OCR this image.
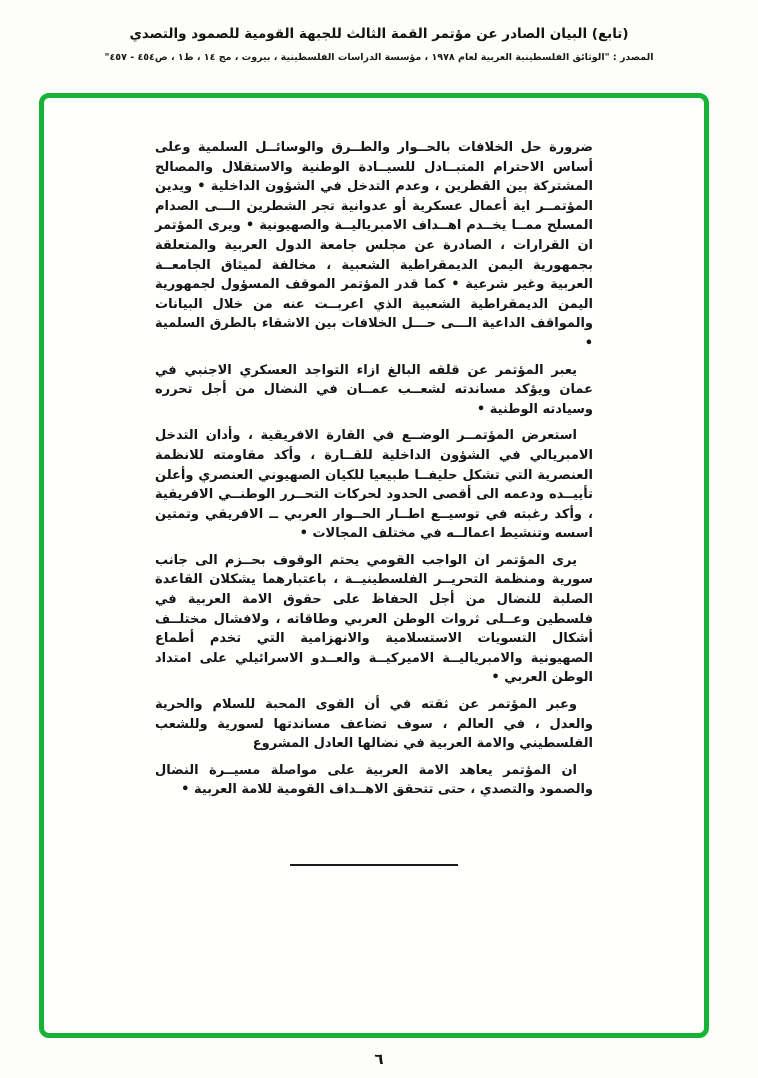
(تابع) البيان الصادر عن مؤتمر القمة الثالث للجبهة القومية للصمود والتصدي
المصدر : "الوثائق الفلسطينية العربية لعام ١٩٧٨ ، مؤسسة الدراسات الفلسطينية ، بيروت ، مج ١٤ ، ط١ ، ص٤٥٤ - ٤٥٧"

ضرورة حل الخلافات بالحــوار والطــرق والوسائــل السلمية وعلى أساس الاحترام المتبــادل للسيــادة الوطنية والاستقلال والمصالح المشتركة بين القطرين ، وعدم التدخل في الشؤون الداخلية • ويدين المؤتمــر اية أعمال عسكرية أو عدوانية تجر الشطرين الـــى الصدام المسلح ممــا يخــدم اهــداف الامبرياليــة والصهيونية • ويرى المؤتمر ان القرارات ، الصادرة عن مجلس جامعة الدول العربية والمتعلقة بجمهورية اليمن الديمقراطية الشعبية ، مخالفة لميثاق الجامعــة العربية وغير شرعية • كما قدر المؤتمر الموقف المسؤول لجمهورية اليمن الديمقراطية الشعبية الذي اعربــت عنه من خلال البيانات والمواقف الداعية الـــى حـــل الخلافات بين الاشقاء بالطرق السلمية •

يعبر المؤتمر عن قلقه البالغ ازاء التواجد العسكري الاجنبي في عمان ويؤكد مساندته لشعــب عمــان في النضال من أجل تحرره وسيادته الوطنية •

استعرض المؤتمــر الوضــع في القارة الافريقية ، وأدان التدخل الامبريالي في الشؤون الداخلية للقــارة ، وأكد مقاومته للانظمة العنصرية التي تشكل حليفــا طبيعيا للكيان الصهيوني العنصري وأعلن تأييــده ودعمه الى أقصى الحدود لحركات التحــرر الوطنــي الافريقية ، وأكد رغبته في توسيــع اطــار الحــوار العربي ــ الافريقي وتمتين اسسه وتنشيط اعمالــه في مختلف المجالات •

يرى المؤتمر ان الواجب القومي يحتم الوقوف بحــزم الى جانب سورية ومنظمة التحريــر الفلسطينيــة ، باعتبارهما يشكلان القاعدة الصلبة للنضال من أجل الحفاظ على حقوق الامة العربية في فلسطين وعــلى ثروات الوطن العربي وطاقاته ، ولافشال مختلــف أشكال التسويات الاستسلامية والانهزامية التي تخدم أطماع الصهيونية والامبرياليــة الاميركيــة والعــدو الاسرائيلي على امتداد الوطن العربي •

وعبر المؤتمر عن ثقته في أن القوى المحبة للسلام والحرية والعدل ، في العالم ، سوف تضاعف مساندتها لسورية وللشعب الفلسطيني والامة العربية في نضالها العادل المشروع

ان المؤتمر يعاهد الامة العربية على مواصلة مسيــرة النضال والصمود والتصدي ، حتى تتحقق الاهــداف القومية للامة العربية •

٦
